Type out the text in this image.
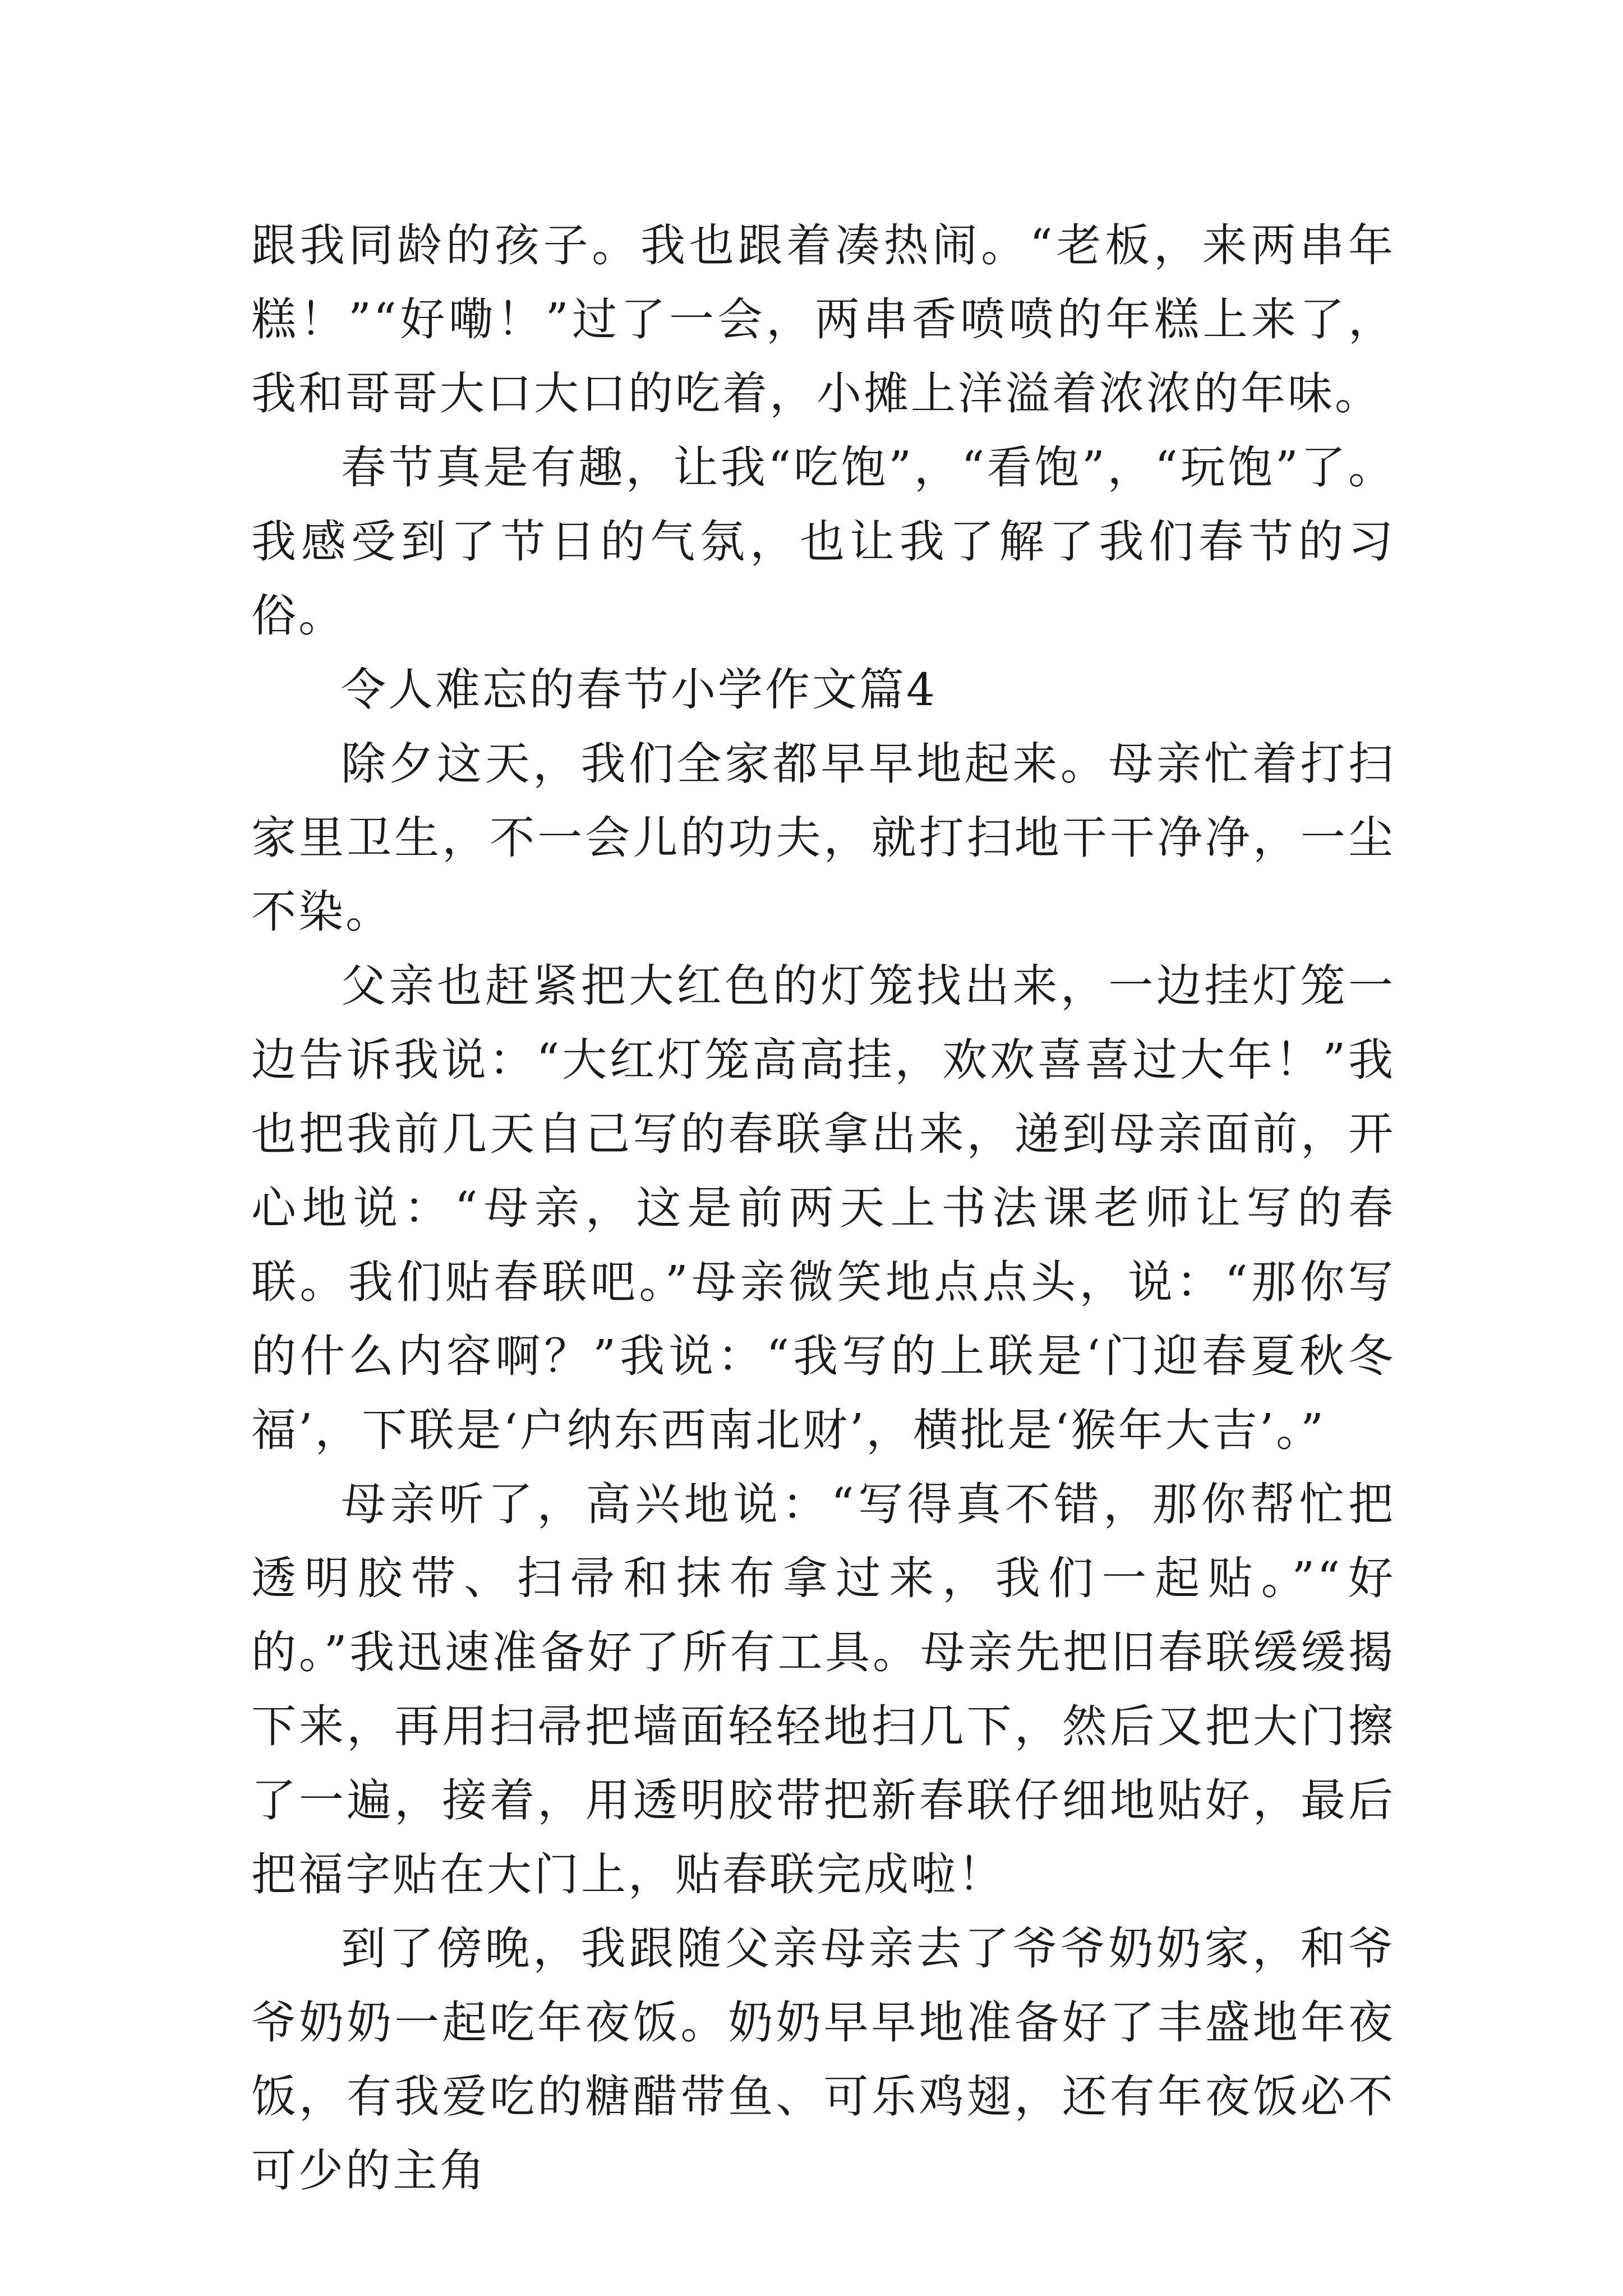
跟我同龄的孩子。我也跟着凑热闹。“老板，来两串年糕！”“好嘞！”过了一会，两串香喷喷的年糕上来了，我和哥哥大口大口的吃着，小摊上洋溢着浓浓的年味。

春节真是有趣，让我“吃饱”，“看饱”，“玩饱”了。我感受到了节日的气氛，也让我了解了我们春节的习俗。

令人难忘的春节小学作文篇4

除夕这天，我们全家都早早地起来。母亲忙着打扫家里卫生，不一会儿的功夫，就打扫地干干净净，一尘不染。

父亲也赶紧把大红色的灯笼找出来，一边挂灯笼一边告诉我说：“大红灯笼高高挂，欢欢喜喜过大年！”我也把我前几天自己写的春联拿出来，递到母亲面前，开心地说：“母亲，这是前两天上书法课老师让写的春联。我们贴春联吧。”母亲微笑地点点头，说：“那你写的什么内容啊？”我说：“我写的上联是‘门迎春夏秋冬福’，下联是‘户纳东西南北财’，横批是‘猴年大吉’。”

母亲听了，高兴地说：“写得真不错，那你帮忙把透明胶带、扫帚和抹布拿过来，我们一起贴。”“好的。”我迅速准备好了所有工具。母亲先把旧春联缓缓揭下来，再用扫帚把墙面轻轻地扫几下，然后又把大门擦了一遍，接着，用透明胶带把新春联仔细地贴好，最后把福字贴在大门上，贴春联完成啦！

到了傍晚，我跟随父亲母亲去了爷爷奶奶家，和爷爷奶奶一起吃年夜饭。奶奶早早地准备好了丰盛地年夜饭，有我爱吃的糖醋带鱼、可乐鸡翅，还有年夜饭必不可少的主角
